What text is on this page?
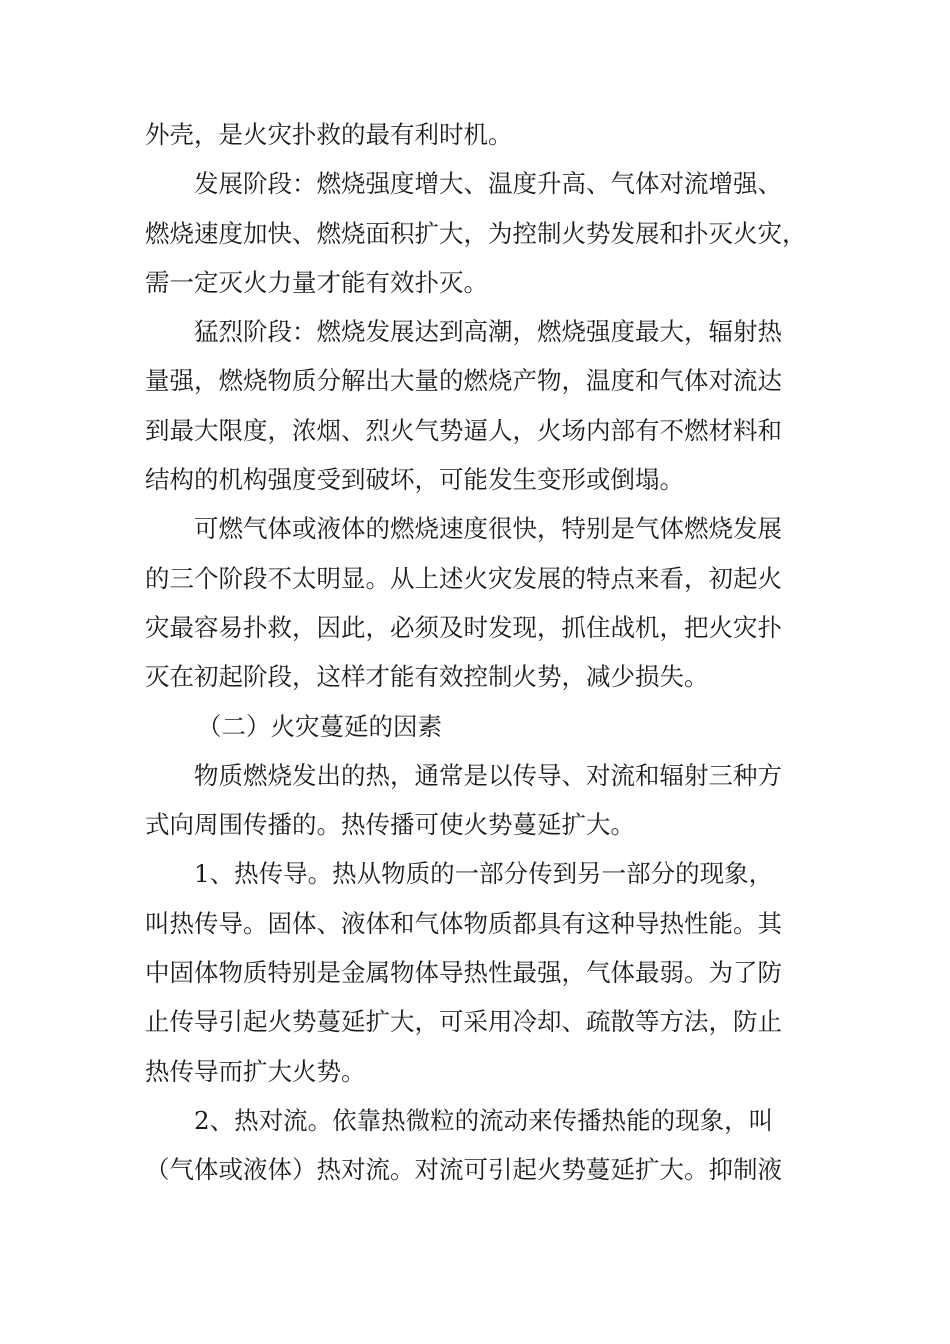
外壳，是火灾扑救的最有利时机。
发展阶段：燃烧强度增大、温度升高、气体对流增强、
燃烧速度加快、燃烧面积扩大，为控制火势发展和扑灭火灾，
需一定灭火力量才能有效扑灭。
猛烈阶段：燃烧发展达到高潮，燃烧强度最大，辐射热
量强，燃烧物质分解出大量的燃烧产物，温度和气体对流达
到最大限度，浓烟、烈火气势逼人，火场内部有不燃材料和
结构的机构强度受到破坏，可能发生变形或倒塌。
可燃气体或液体的燃烧速度很快，特别是气体燃烧发展
的三个阶段不太明显。从上述火灾发展的特点来看，初起火
灾最容易扑救，因此，必须及时发现，抓住战机，把火灾扑
灭在初起阶段，这样才能有效控制火势，减少损失。
（二）火灾蔓延的因素
物质燃烧发出的热，通常是以传导、对流和辐射三种方
式向周围传播的。热传播可使火势蔓延扩大。
1、热传导。热从物质的一部分传到另一部分的现象，
叫热传导。固体、液体和气体物质都具有这种导热性能。其
中固体物质特别是金属物体导热性最强，气体最弱。为了防
止传导引起火势蔓延扩大，可采用冷却、疏散等方法，防止
热传导而扩大火势。
2、热对流。依靠热微粒的流动来传播热能的现象，叫
（气体或液体）热对流。对流可引起火势蔓延扩大。抑制液
